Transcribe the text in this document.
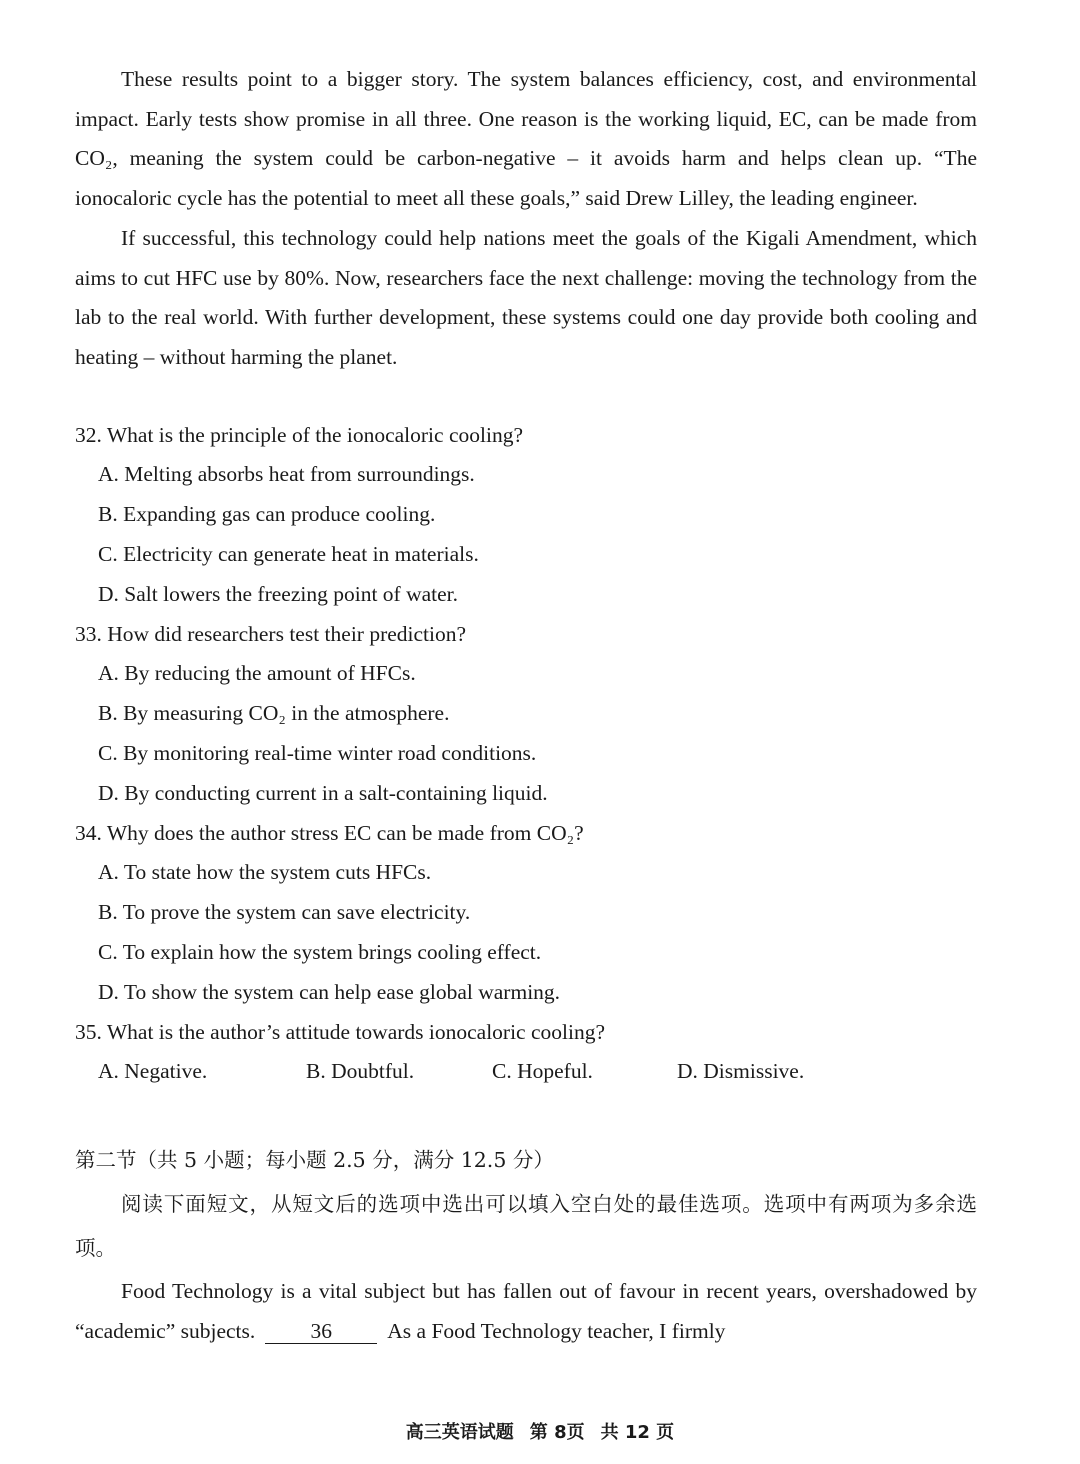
These results point to a bigger story. The system balances efficiency, cost, and environmental impact. Early tests show promise in all three. One reason is the working liquid, EC, can be made from CO₂, meaning the system could be carbon-negative – it avoids harm and helps clean up. “The ionocaloric cycle has the potential to meet all these goals,” said Drew Lilley, the leading engineer.

If successful, this technology could help nations meet the goals of the Kigali Amendment, which aims to cut HFC use by 80%. Now, researchers face the next challenge: moving the technology from the lab to the real world. With further development, these systems could one day provide both cooling and heating – without harming the planet.

32. What is the principle of the ionocaloric cooling?
A. Melting absorbs heat from surroundings.
B. Expanding gas can produce cooling.
C. Electricity can generate heat in materials.
D. Salt lowers the freezing point of water.
33. How did researchers test their prediction?
A. By reducing the amount of HFCs.
B. By measuring CO₂ in the atmosphere.
C. By monitoring real-time winter road conditions.
D. By conducting current in a salt-containing liquid.
34. Why does the author stress EC can be made from CO₂?
A. To state how the system cuts HFCs.
B. To prove the system can save electricity.
C. To explain how the system brings cooling effect.
D. To show the system can help ease global warming.
35. What is the author’s attitude towards ionocaloric cooling?
A. Negative.	B. Doubtful.	C. Hopeful.	D. Dismissive.
第二节（共 5 小题；每小题 2.5 分，满分 12.5 分）

阅读下面短文，从短文后的选项中选出可以填入空白处的最佳选项。选项中有两项为多余选项。

Food Technology is a vital subject but has fallen out of favour in recent years, overshadowed by “academic” subjects.	36	As a Food Technology teacher, I firmly

高三英语试题 第 8页 共 12 页
